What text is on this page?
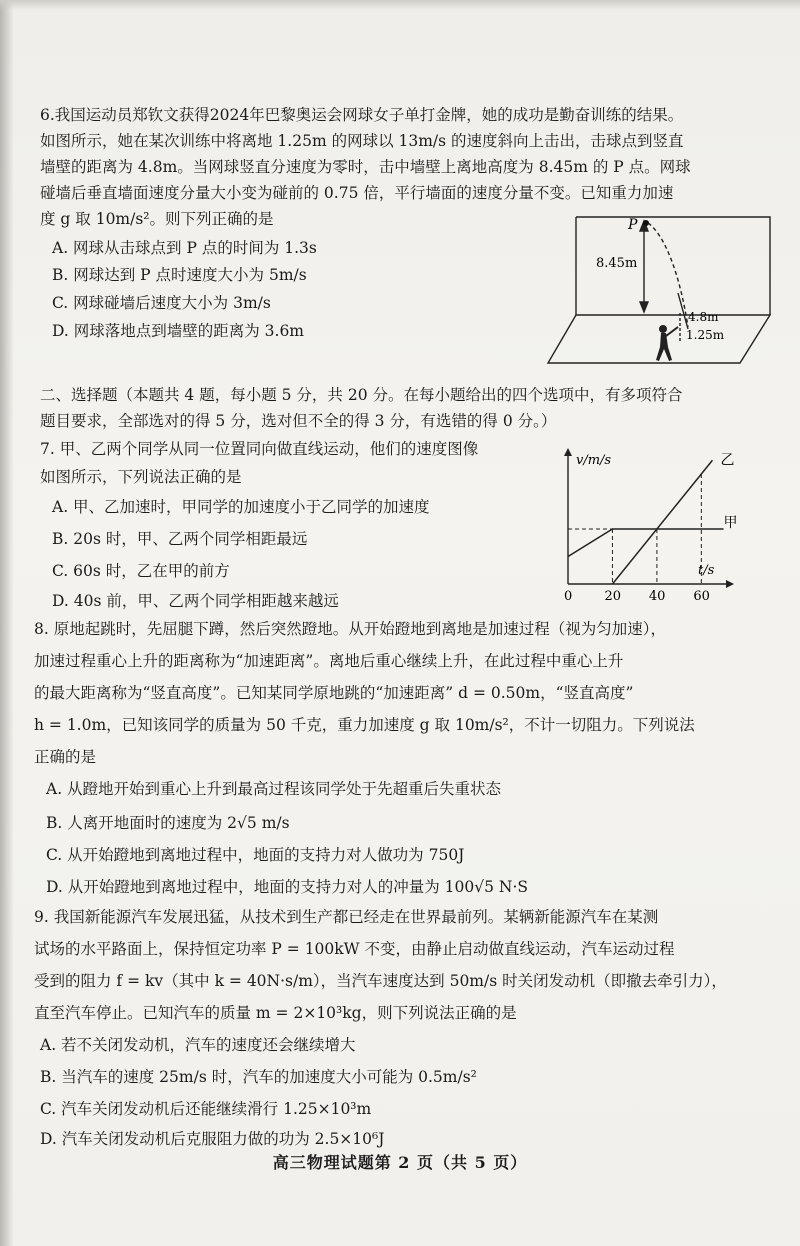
6.我国运动员郑钦文获得2024年巴黎奥运会网球女子单打金牌，她的成功是勤奋训练的结果。
如图所示，她在某次训练中将离地 1.25m 的网球以 13m/s 的速度斜向上击出，击球点到竖直
墙壁的距离为 4.8m。当网球竖直分速度为零时，击中墙壁上离地高度为 8.45m 的 P 点。网球
碰墙后垂直墙面速度分量大小变为碰前的 0.75 倍，平行墙面的速度分量不变。已知重力加速
度 g 取 10m/s²。则下列正确的是
A. 网球从击球点到 P 点的时间为 1.3s
B. 网球达到 P 点时速度大小为 5m/s
C. 网球碰墙后速度大小为 3m/s
D. 网球落地点到墙壁的距离为 3.6m
P
8.45m
4.8m
1.25m
二、选择题（本题共 4 题，每小题 5 分，共 20 分。在每小题给出的四个选项中，有多项符合
题目要求，全部选对的得 5 分，选对但不全的得 3 分，有选错的得 0 分。）
7. 甲、乙两个同学从同一位置同向做直线运动，他们的速度图像
如图所示，下列说法正确的是
A. 甲、乙加速时，甲同学的加速度小于乙同学的加速度
B. 20s 时，甲、乙两个同学相距最远
C. 60s 时，乙在甲的前方
D. 40s 前，甲、乙两个同学相距越来越远
v/m/s
t/s
0 20 40 60
甲
乙
8. 原地起跳时，先屈腿下蹲，然后突然蹬地。从开始蹬地到离地是加速过程（视为匀加速），
加速过程重心上升的距离称为“加速距离”。离地后重心继续上升，在此过程中重心上升
的最大距离称为“竖直高度”。已知某同学原地跳的“加速距离” d = 0.50m，“竖直高度”
h = 1.0m，已知该同学的质量为 50 千克，重力加速度 g 取 10m/s²，不计一切阻力。下列说法
正确的是
A. 从蹬地开始到重心上升到最高过程该同学处于先超重后失重状态
B. 人离开地面时的速度为 2√5 m/s
C. 从开始蹬地到离地过程中，地面的支持力对人做功为 750J
D. 从开始蹬地到离地过程中，地面的支持力对人的冲量为 100√5 N·S
9. 我国新能源汽车发展迅猛，从技术到生产都已经走在世界最前列。某辆新能源汽车在某测
试场的水平路面上，保持恒定功率 P = 100kW 不变，由静止启动做直线运动，汽车运动过程
受到的阻力 f = kv（其中 k = 40N·s/m），当汽车速度达到 50m/s 时关闭发动机（即撤去牵引力），
直至汽车停止。已知汽车的质量 m = 2×10³kg，则下列说法正确的是
A. 若不关闭发动机，汽车的速度还会继续增大
B. 当汽车的速度 25m/s 时，汽车的加速度大小可能为 0.5m/s²
C. 汽车关闭发动机后还能继续滑行 1.25×10³m
D. 汽车关闭发动机后克服阻力做的功为 2.5×10⁶J
高三物理试题第 2 页（共 5 页）
